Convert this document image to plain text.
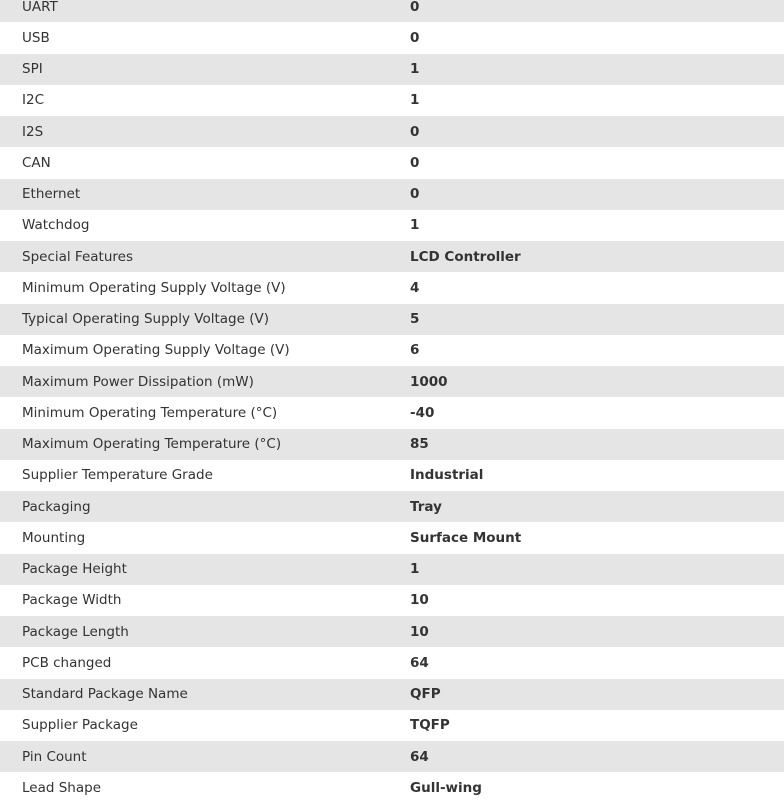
UART	0
USB	0
SPI	1
I2C	1
I2S	0
CAN	0
Ethernet	0
Watchdog	1
Special Features	LCD Controller
Minimum Operating Supply Voltage (V)	4
Typical Operating Supply Voltage (V)	5
Maximum Operating Supply Voltage (V)	6
Maximum Power Dissipation (mW)	1000
Minimum Operating Temperature (°C)	-40
Maximum Operating Temperature (°C)	85
Supplier Temperature Grade	Industrial
Packaging	Tray
Mounting	Surface Mount
Package Height	1
Package Width	10
Package Length	10
PCB changed	64
Standard Package Name	QFP
Supplier Package	TQFP
Pin Count	64
Lead Shape	Gull-wing
